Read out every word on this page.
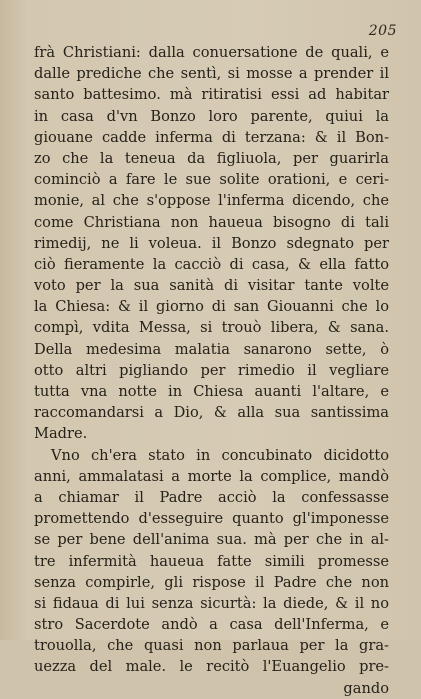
205
frà Christiani: dalla conuersatione de quali, e
dalle prediche che sentì, si mosse a prender il
santo battesimo. mà ritiratisi essi ad habitar
in casa d'vn Bonzo loro parente, quiui la
giouane cadde inferma di terzana: & il Bon-
zo che la teneua da figliuola, per guarirla
cominciò a fare le sue solite orationi, e ceri-
monie, al che s'oppose l'inferma dicendo, che
come Christiana non haueua bisogno di tali
rimedij, ne li voleua. il Bonzo sdegnato per
ciò fieramente la cacciò di casa, & ella fatto
voto per la sua sanità di visitar tante volte
la Chiesa: & il giorno di san Giouanni che lo
compì, vdita Messa, si trouò libera, & sana.
Della medesima malatia sanarono sette, ò
otto altri pigliando per rimedio il vegliare
tutta vna notte in Chiesa auanti l'altare, e
raccomandarsi a Dio, & alla sua santissima
Madre.
Vno ch'era stato in concubinato dicidotto
anni, ammalatasi a morte la complice, mandò
a chiamar il Padre acciò la confessasse
promettendo d'esseguire quanto gl'imponesse
se per bene dell'anima sua. mà per che in al-
tre infermità haueua fatte simili promesse
senza compirle, gli rispose il Padre che non
si fidaua di lui senza sicurtà: la diede, & il no
stro Sacerdote andò a casa dell'Inferma, e
trouolla, che quasi non parlaua per la gra-
uezza del male. le recitò l'Euangelio pre-
gando
